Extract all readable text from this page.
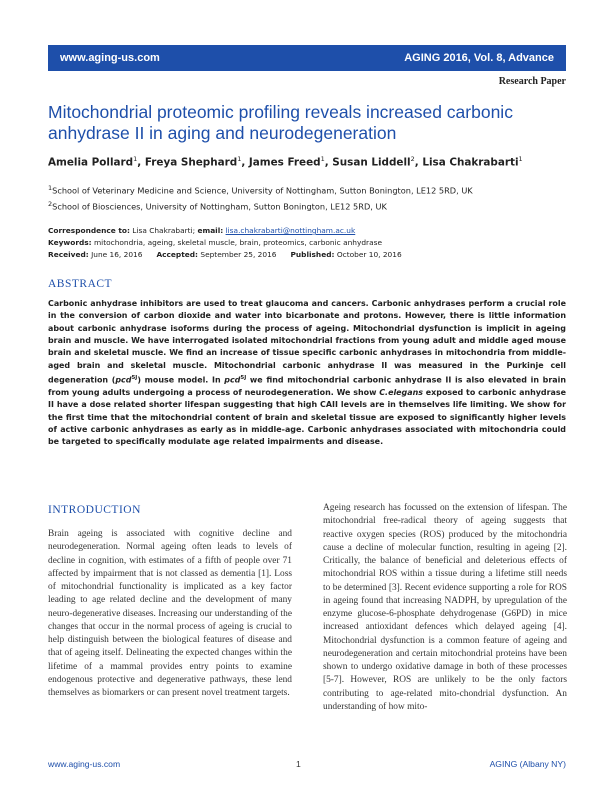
www.aging-us.com	AGING 2016, Vol. 8, Advance
Research Paper
Mitochondrial proteomic profiling reveals increased carbonic anhydrase II in aging and neurodegeneration
Amelia Pollard$^1$, Freya Shephard$^1$, James Freed$^1$, Susan Liddell$^2$, Lisa Chakrabarti$^1$
$^1$School of Veterinary Medicine and Science, University of Nottingham, Sutton Bonington, LE12 5RD, UK
$^2$School of Biosciences, University of Nottingham, Sutton Bonington, LE12 5RD, UK
Correspondence to: Lisa Chakrabarti; email: lisa.chakrabarti@nottingham.ac.uk
Keywords: mitochondria, ageing, skeletal muscle, brain, proteomics, carbonic anhydrase
Received: June 16, 2016 Accepted: September 25, 2016 Published: October 10, 2016
ABSTRACT

Carbonic anhydrase inhibitors are used to treat glaucoma and cancers. Carbonic anhydrases perform a crucial role in the conversion of carbon dioxide and water into bicarbonate and protons. However, there is little information about carbonic anhydrase isoforms during the process of ageing. Mitochondrial dysfunction is implicit in ageing brain and muscle. We have interrogated isolated mitochondrial fractions from young adult and middle aged mouse brain and skeletal muscle. We find an increase of tissue specific carbonic anhydrases in mitochondria from middle-aged brain and skeletal muscle. Mitochondrial carbonic anhydrase II was measured in the Purkinje cell degeneration (pcd$^{5J}$) mouse model. In pcd$^{5J}$ we find mitochondrial carbonic anhydrase II is also elevated in brain from young adults undergoing a process of neurodegeneration. We show C.elegans exposed to carbonic anhydrase II have a dose related shorter lifespan suggesting that high CAII levels are in themselves life limiting. We show for the first time that the mitochondrial content of brain and skeletal tissue are exposed to significantly higher levels of active carbonic anhydrases as early as in middle-age. Carbonic anhydrases associated with mitochondria could be targeted to specifically modulate age related impairments and disease.

INTRODUCTION

Brain ageing is associated with cognitive decline and neurodegeneration. Normal ageing often leads to levels of decline in cognition, with estimates of a fifth of people over 71 affected by impairment that is not classed as dementia [1]. Loss of mitochondrial functionality is implicated as a key factor leading to age related decline and the development of many neuro-degenerative diseases. Increasing our understanding of the changes that occur in the normal process of ageing is crucial to help distinguish between the biological features of disease and that of ageing itself. Delineating the expected changes within the lifetime of a mammal provides entry points to examine endogenous protective and degenerative pathways, these lend themselves as biomarkers or can present novel treatment targets.

Ageing research has focussed on the extension of lifespan. The mitochondrial free-radical theory of ageing suggests that reactive oxygen species (ROS) produced by the mitochondria cause a decline of molecular function, resulting in ageing [2]. Critically, the balance of beneficial and deleterious effects of mitochondrial ROS within a tissue during a lifetime still needs to be determined [3]. Recent evidence supporting a role for ROS in ageing found that increasing NADPH, by upregulation of the enzyme glucose-6-phosphate dehydrogenase (G6PD) in mice increased antioxidant defences which delayed ageing [4]. Mitochondrial dysfunction is a common feature of ageing and neurodegeneration and certain mitochondrial proteins have been shown to undergo oxidative damage in both of these processes [5-7]. However, ROS are unlikely to be the only factors contributing to age-related mito-chondrial dysfunction. An understanding of how mito-

www.aging-us.com	1	AGING (Albany NY)
